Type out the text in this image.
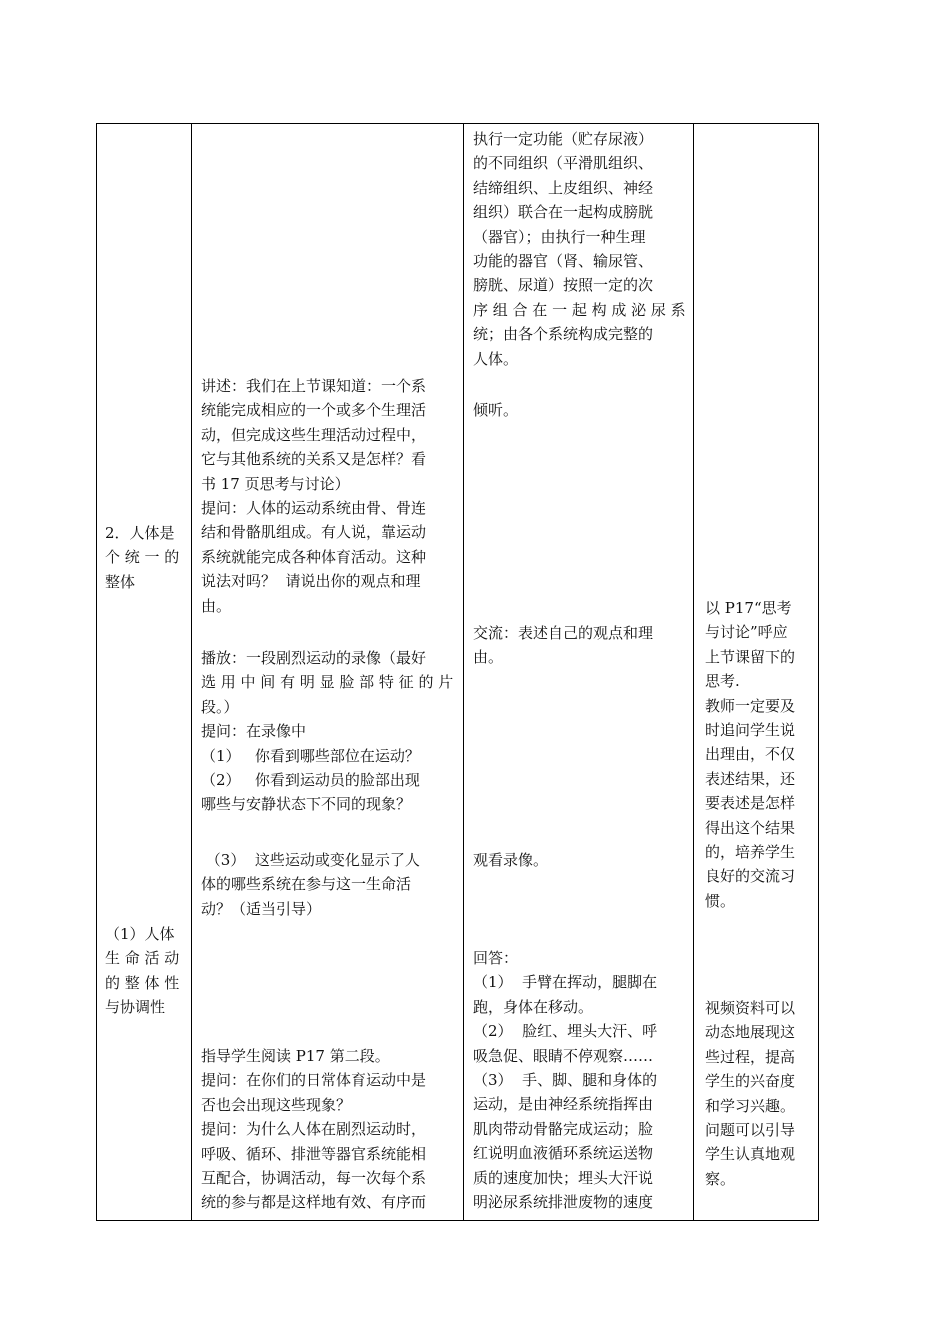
2．人体是
个 统 一 的
整体
（1）人体
生 命 活 动
的 整 体 性
与协调性
讲述：我们在上节课知道：一个系
统能完成相应的一个或多个生理活
动，但完成这些生理活动过程中，
它与其他系统的关系又是怎样？看
书 17 页思考与讨论）
提问：人体的运动系统由骨、骨连
结和骨骼肌组成。有人说，靠运动
系统就能完成各种体育活动。这种
说法对吗？  请说出你的观点和理
由。
播放：一段剧烈运动的录像（最好
选 用 中 间 有 明 显 脸 部 特 征 的 片
段。）
提问：在录像中
（1）   你看到哪些部位在运动？
（2）   你看到运动员的脸部出现
哪些与安静状态下不同的现象？
（3）  这些运动或变化显示了人
体的哪些系统在参与这一生命活
动？（适当引导）
指导学生阅读 P17 第二段。
提问：在你们的日常体育运动中是
否也会出现这些现象？
提问：为什么人体在剧烈运动时，
呼吸、循环、排泄等器官系统能相
互配合，协调活动，每一次每个系
统的参与都是这样地有效、有序而
执行一定功能（贮存尿液）
的不同组织（平滑肌组织、
结缔组织、上皮组织、神经
组织）联合在一起构成膀胱
（器官）；由执行一种生理
功能的器官（肾、输尿管、
膀胱、尿道）按照一定的次
序 组 合 在 一 起 构 成 泌 尿 系
统；由各个系统构成完整的
人体。
倾听。
交流：表述自己的观点和理
由。
观看录像。
回答：
（1）  手臂在挥动，腿脚在
跑，身体在移动。
（2）  脸红、埋头大汗、呼
吸急促、眼睛不停观察……
（3）  手、脚、腿和身体的
运动，是由神经系统指挥由
肌肉带动骨骼完成运动；脸
红说明血液循环系统运送物
质的速度加快；埋头大汗说
明泌尿系统排泄废物的速度
以 P17“思考
与讨论”呼应
上节课留下的
思考.
教师一定要及
时追问学生说
出理由，不仅
表述结果，还
要表述是怎样
得出这个结果
的，培养学生
良好的交流习
惯。
视频资料可以
动态地展现这
些过程，提高
学生的兴奋度
和学习兴趣。
问题可以引导
学生认真地观
察。
